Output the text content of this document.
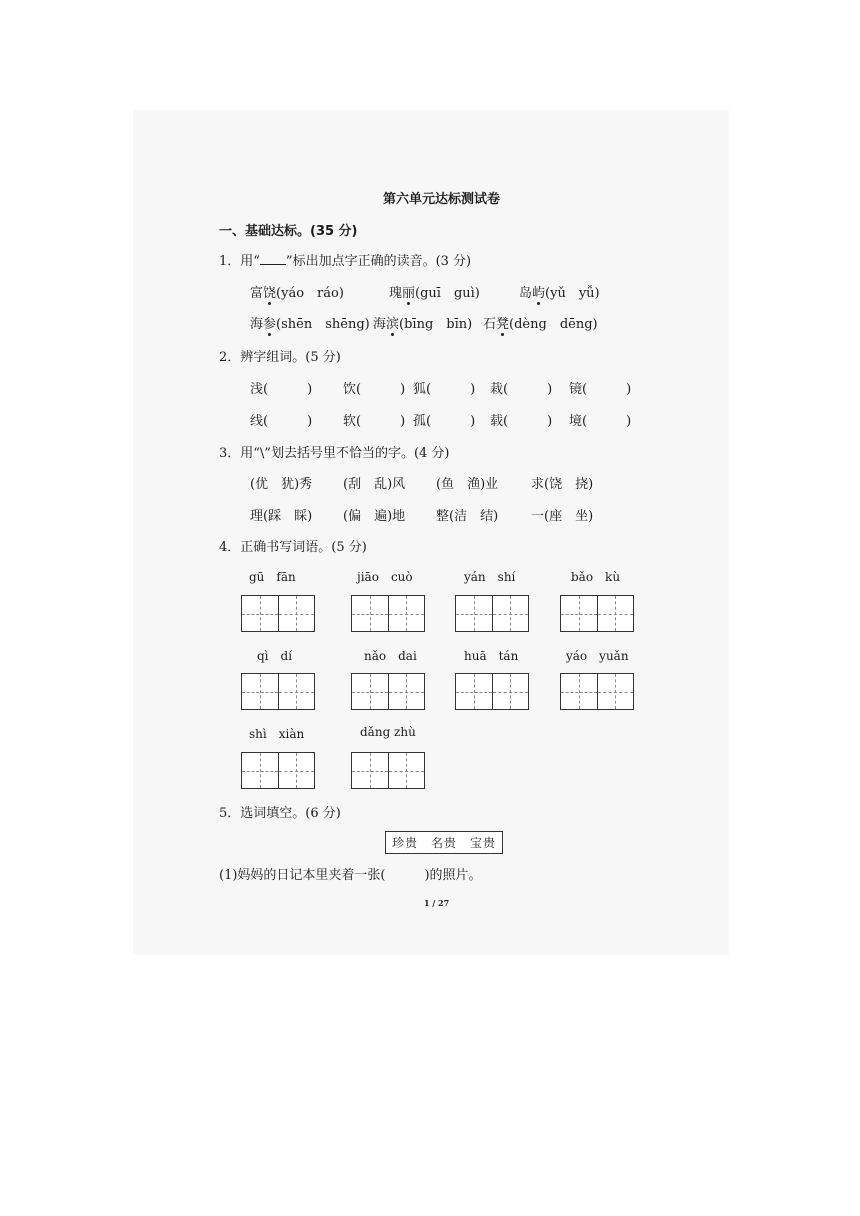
第六单元达标测试卷
一、基础达标。(35 分)
1．用“ ”标出加点字正确的读音。(3 分)
富饶(yáo　ráo)	瑰丽(guī　guì)	岛屿(yǔ　yǚ)
海参(shēn　shēng) 海滨(bīng　bīn) 石凳(dèng　dēng)
2．辨字组词。(5 分)
浅(　　　) 饮(　　　) 狐(　　　) 栽(　　　) 镜(　　　)
线(　　　) 软(　　　) 孤(　　　) 载(　　　) 境(　　　)
3．用“\”划去括号里不恰当的字。(4 分)
(优　犹)秀 (刮　乱)风 (鱼　渔)业	求(饶　挠)
理(踩　睬) (偏　遍)地 整(洁　结)	一(座　坐)
4．正确书写词语。(5 分)
gū　fān	jiāo　cuò	yán　shí	bǎo　kù
qì　dí	nǎo　dai	huā　tán	yáo　yuǎn
shì　xiàn	dǎng zhù
5．选词填空。(6 分)
珍贵　名贵　宝贵
(1)妈妈的日记本里夹着一张(　　　)的照片。
1 / 27
